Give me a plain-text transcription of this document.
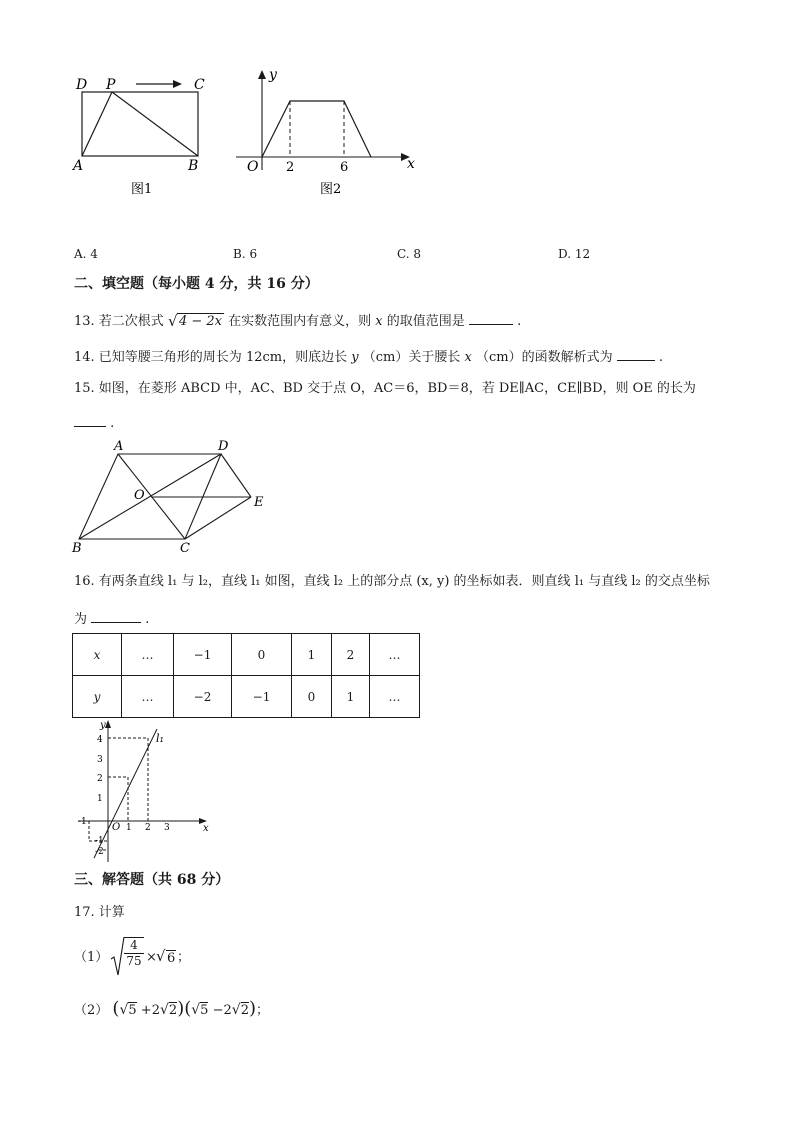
D P	C
A	B
图1
y
x
O 2	6
图2
A. 4	B. 6	C. 8	D. 12
二、填空题（每小题 4 分，共 16 分）
13. 若二次根式 √ 4 − 2x 在实数范围内有意义，则 x 的取值范围是	.
14. 已知等腰三角形的周长为 12cm，则底边长 y （cm）关于腰长 x （cm）的函数解析式为	.
15. 如图，在菱形 ABCD 中，AC、BD 交于点 O，AC＝6，BD＝8，若 DE∥AC，CE∥BD，则 OE 的长为
.
A	D
O	E
B	C
16. 有两条直线 l₁ 与 l₂，直线 l₁ 如图，直线 l₂ 上的部分点 (x, y) 的坐标如表．则直线 l₁ 与直线 l₂ 的交点坐标
为	.
x	…	−1	0	1	2	…
y	…	−2	−1	0	1	…
y
x
O
l₁
-1
1 2 3
4
3
2
1
-1
-2
三、解答题（共 68 分）
17. 计算
$(1) \frac{4}{75}$ × √ 6 ；
（2） (√5 +2√2)(√5 −2√2)；
